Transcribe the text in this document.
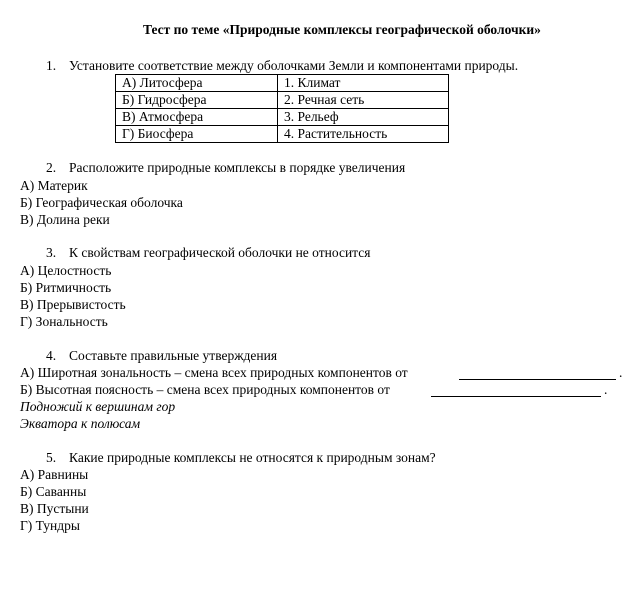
Тест по теме «Природные комплексы географической оболочки»
1. Установите соответствие между оболочками Земли и компонентами природы.
А) Литосфера	1. Климат
Б) Гидросфера	2. Речная сеть
В) Атмосфера	3. Рельеф
Г) Биосфера	4. Растительность
2. Расположите природные комплексы в порядке увеличения
А) Материк
Б) Географическая оболочка
В) Долина реки
3. К свойствам географической оболочки не относится
А) Целостность
Б) Ритмичность
В) Прерывистость
Г) Зональность
4. Составьте правильные утверждения
А) Широтная зональность – смена всех природных компонентов от	.
Б) Высотная поясность – смена всех природных компонентов от	.
Подножий к вершинам гор
Экватора к полюсам
5. Какие природные комплексы не относятся к природным зонам?
А) Равнины
Б) Саванны
В) Пустыни
Г) Тундры
